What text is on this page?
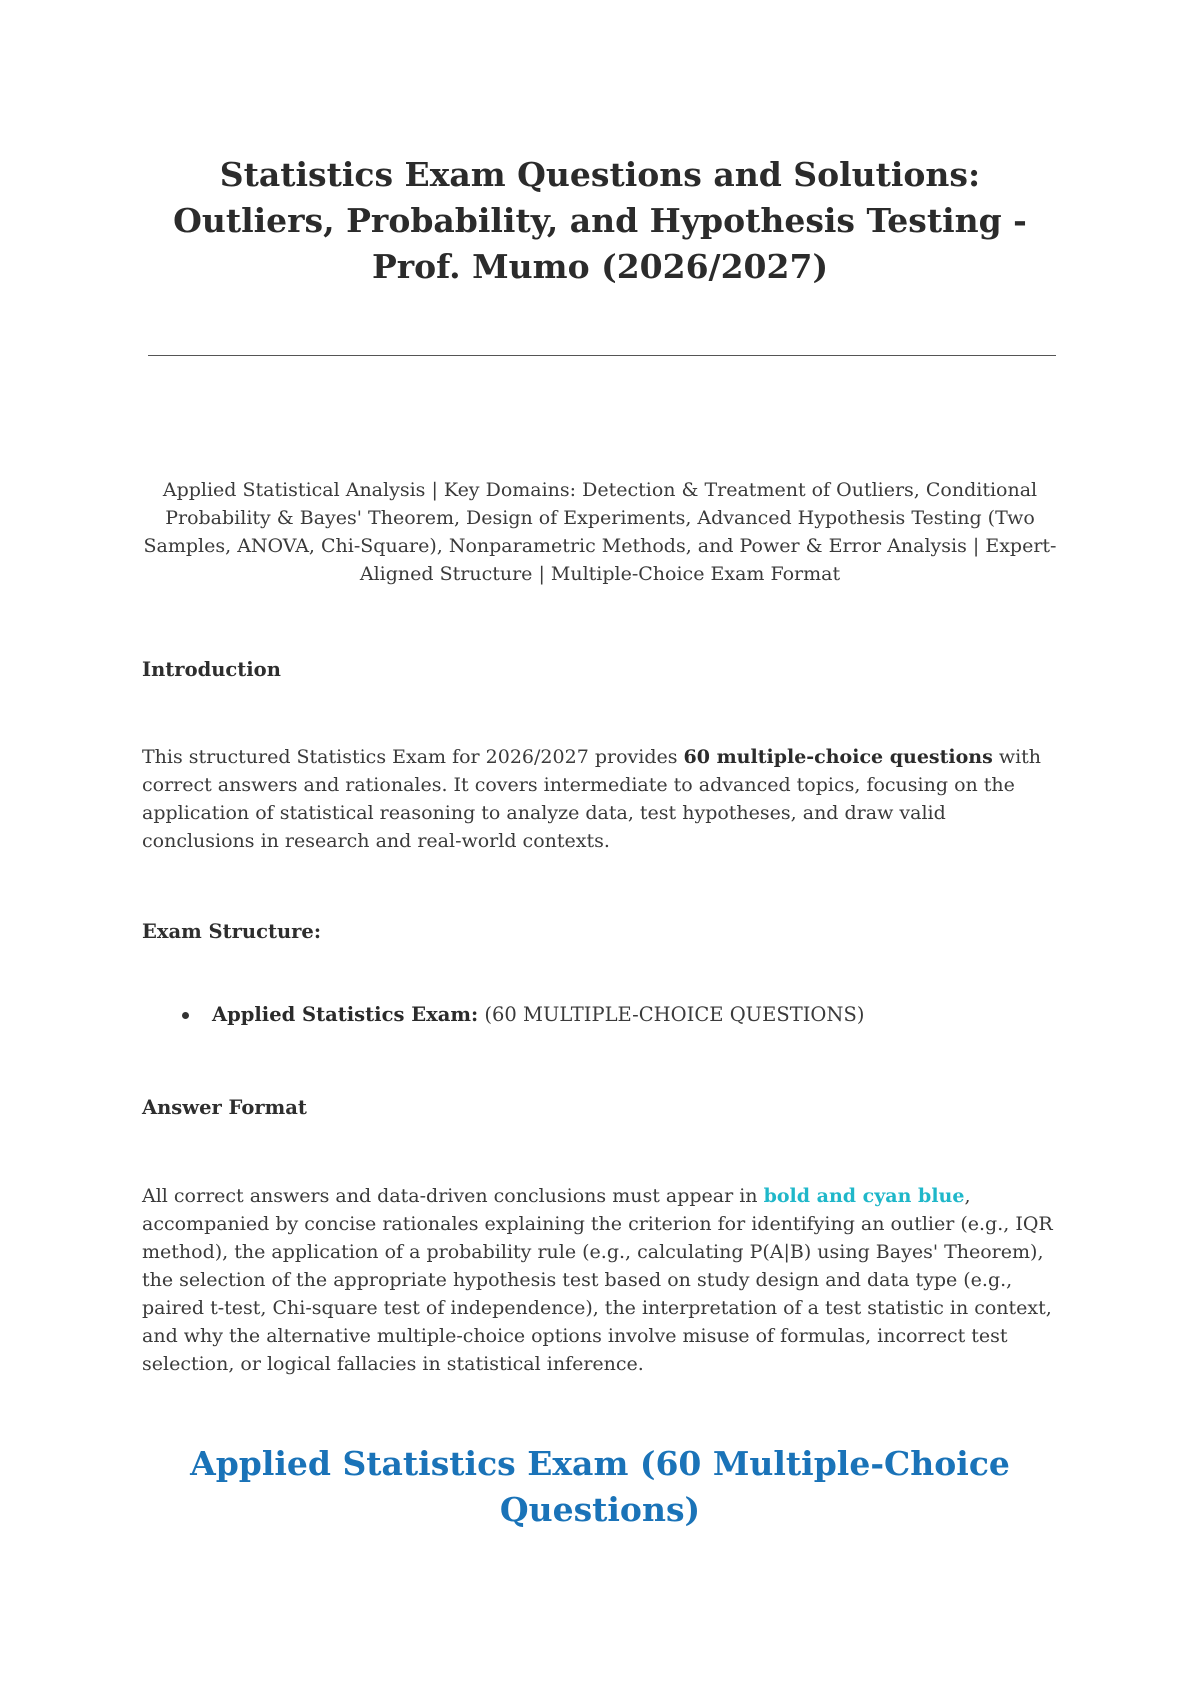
Statistics Exam Questions and Solutions: Outliers, Probability, and Hypothesis Testing - Prof. Mumo (2026/2027)

Applied Statistical Analysis | Key Domains: Detection & Treatment of Outliers, Conditional Probability & Bayes' Theorem, Design of Experiments, Advanced Hypothesis Testing (Two Samples, ANOVA, Chi-Square), Nonparametric Methods, and Power & Error Analysis | Expert-Aligned Structure | Multiple-Choice Exam Format

Introduction

This structured Statistics Exam for 2026/2027 provides 60 multiple-choice questions with correct answers and rationales. It covers intermediate to advanced topics, focusing on the application of statistical reasoning to analyze data, test hypotheses, and draw valid conclusions in research and real-world contexts.

Exam Structure:
Applied Statistics Exam: (60 MULTIPLE-CHOICE QUESTIONS)
Answer Format

All correct answers and data-driven conclusions must appear in bold and cyan blue, accompanied by concise rationales explaining the criterion for identifying an outlier (e.g., IQR method), the application of a probability rule (e.g., calculating P(A|B) using Bayes' Theorem), the selection of the appropriate hypothesis test based on study design and data type (e.g., paired t-test, Chi-square test of independence), the interpretation of a test statistic in context, and why the alternative multiple-choice options involve misuse of formulas, incorrect test selection, or logical fallacies in statistical inference.

Applied Statistics Exam (60 Multiple-Choice Questions)
